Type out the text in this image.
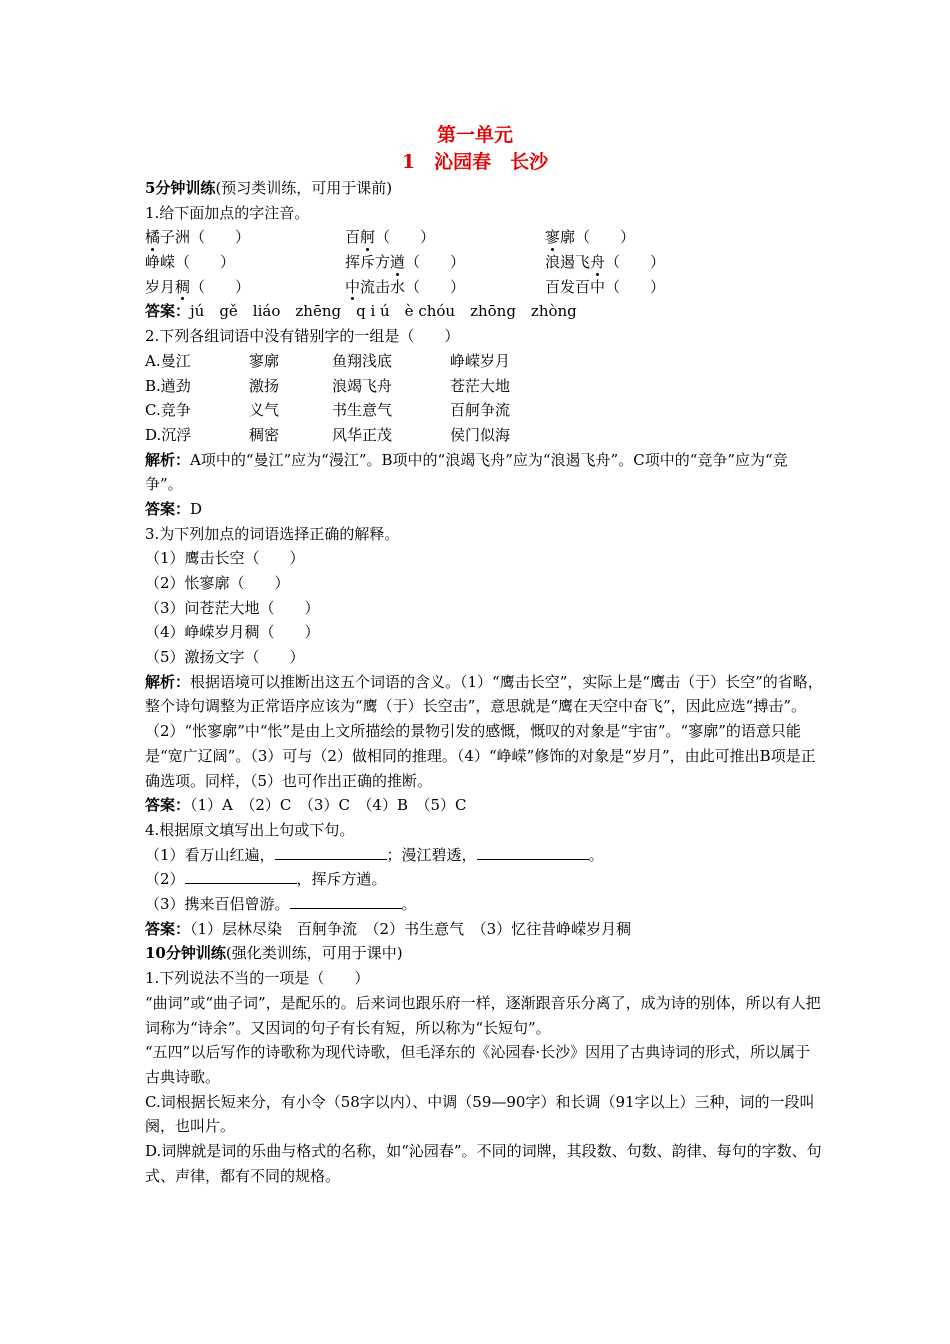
第一单元
1　沁园春　长沙
5分钟训练(预习类训练，可用于课前)
1.给下面加点的字注音。
橘子洲（　　）	百舸（　　）	寥廓（　　）
峥嵘（　　）	挥斥方遒（　　）	浪遏飞舟（　　）
岁月稠（　　）	中流击水（　　）	百发百中（　　）
答案：jú　gě　liáo　zhēng　q i ú　è chóu　zhōng　zhòng
2.下列各组词语中没有错别字的一组是（　　）
A.曼江	寥廓	鱼翔浅底	峥嵘岁月
B.遒劲	激扬	浪竭飞舟	苍茫大地
C.竞争	义气	书生意气	百舸争流
D.沉浮	稠密	风华正茂	侯门似海
解析：A项中的“曼江”应为“漫江”。B项中的“浪竭飞舟”应为“浪遏飞舟”。C项中的“竞争”应为“竞争”。
答案：D
3.为下列加点的词语选择正确的解释。
（1）鹰击长空（　　）
（2）怅寥廓（　　）
（3）问苍茫大地（　　）
（4）峥嵘岁月稠（　　）
（5）激扬文字（　　）
解析：根据语境可以推断出这五个词语的含义。（1）“鹰击长空”，实际上是“鹰击（于）长空”的省略，整个诗句调整为正常语序应该为“鹰（于）长空击”，意思就是“鹰在天空中奋飞”，因此应选“搏击”。（2）“怅寥廓”中“怅”是由上文所描绘的景物引发的感慨，慨叹的对象是“宇宙”。“寥廓”的语意只能是“宽广辽阔”。（3）可与（2）做相同的推理。（4）“峥嵘”修饰的对象是“岁月”，由此可推出B项是正确选项。同样，（5）也可作出正确的推断。
答案：（1）A　（2）C　（3）C　（4）B　（5）C
4.根据原文填写出上句或下句。
（1）看万山红遍，	；漫江碧透，	。
（2）	，挥斥方遒。
（3）携来百侣曾游。	。
答案：（1）层林尽染　百舸争流　（2）书生意气　（3）忆往昔峥嵘岁月稠
10分钟训练(强化类训练，可用于课中)
1.下列说法不当的一项是（　　）
“曲词”或“曲子词”，是配乐的。后来词也跟乐府一样，逐渐跟音乐分离了，成为诗的别体，所以有人把词称为“诗余”。又因词的句子有长有短，所以称为“长短句”。
“五四”以后写作的诗歌称为现代诗歌，但毛泽东的《沁园春·长沙》因用了古典诗词的形式，所以属于古典诗歌。
C.词根据长短来分，有小令（58字以内）、中调（59—90字）和长调（91字以上）三种，词的一段叫阕，也叫片。
D.词牌就是词的乐曲与格式的名称，如“沁园春”。不同的词牌，其段数、句数、韵律、每句的字数、句式、声律，都有不同的规格。
